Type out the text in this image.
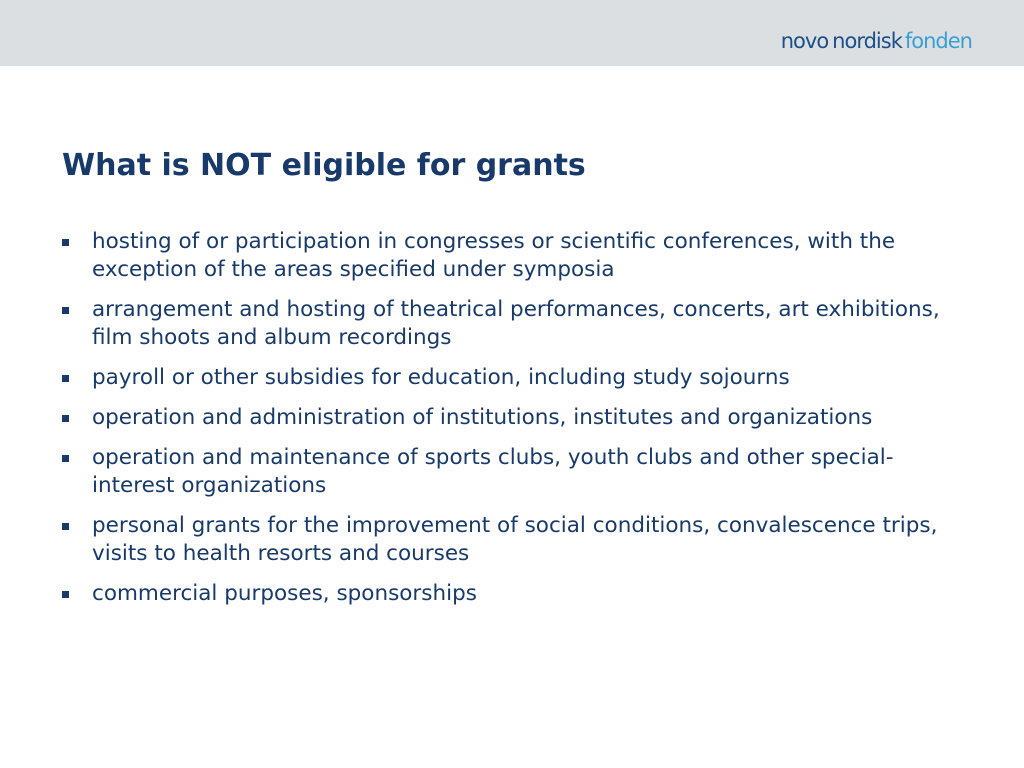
novo nordisk fonden
What is NOT eligible for grants
hosting of or participation in congresses or scientific conferences, with the exception of the areas specified under symposia
arrangement and hosting of theatrical performances, concerts, art exhibitions, film shoots and album recordings
payroll or other subsidies for education, including study sojourns
operation and administration of institutions, institutes and organizations
operation and maintenance of sports clubs, youth clubs and other special-interest organizations
personal grants for the improvement of social conditions, convalescence trips, visits to health resorts and courses
commercial purposes, sponsorships
